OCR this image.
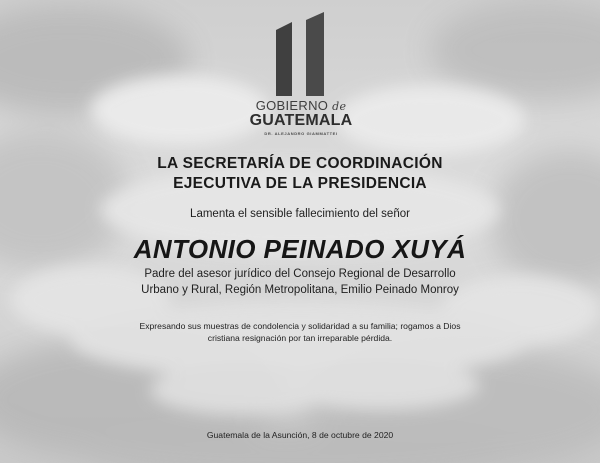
GOBIERNO de
GUATEMALA
DR. ALEJANDRO GIAMMATTEI
LA SECRETARÍA DE COORDINACIÓN
EJECUTIVA DE LA PRESIDENCIA
Lamenta el sensible fallecimiento del señor
ANTONIO PEINADO XUYÁ
Padre del asesor jurídico del Consejo Regional de Desarrollo
Urbano y Rural, Región Metropolitana, Emilio Peinado Monroy
Expresando sus muestras de condolencia y solidaridad a su familia; rogamos a Dios
cristiana resignación por tan irreparable pérdida.
Guatemala de la Asunción, 8 de octubre de 2020
